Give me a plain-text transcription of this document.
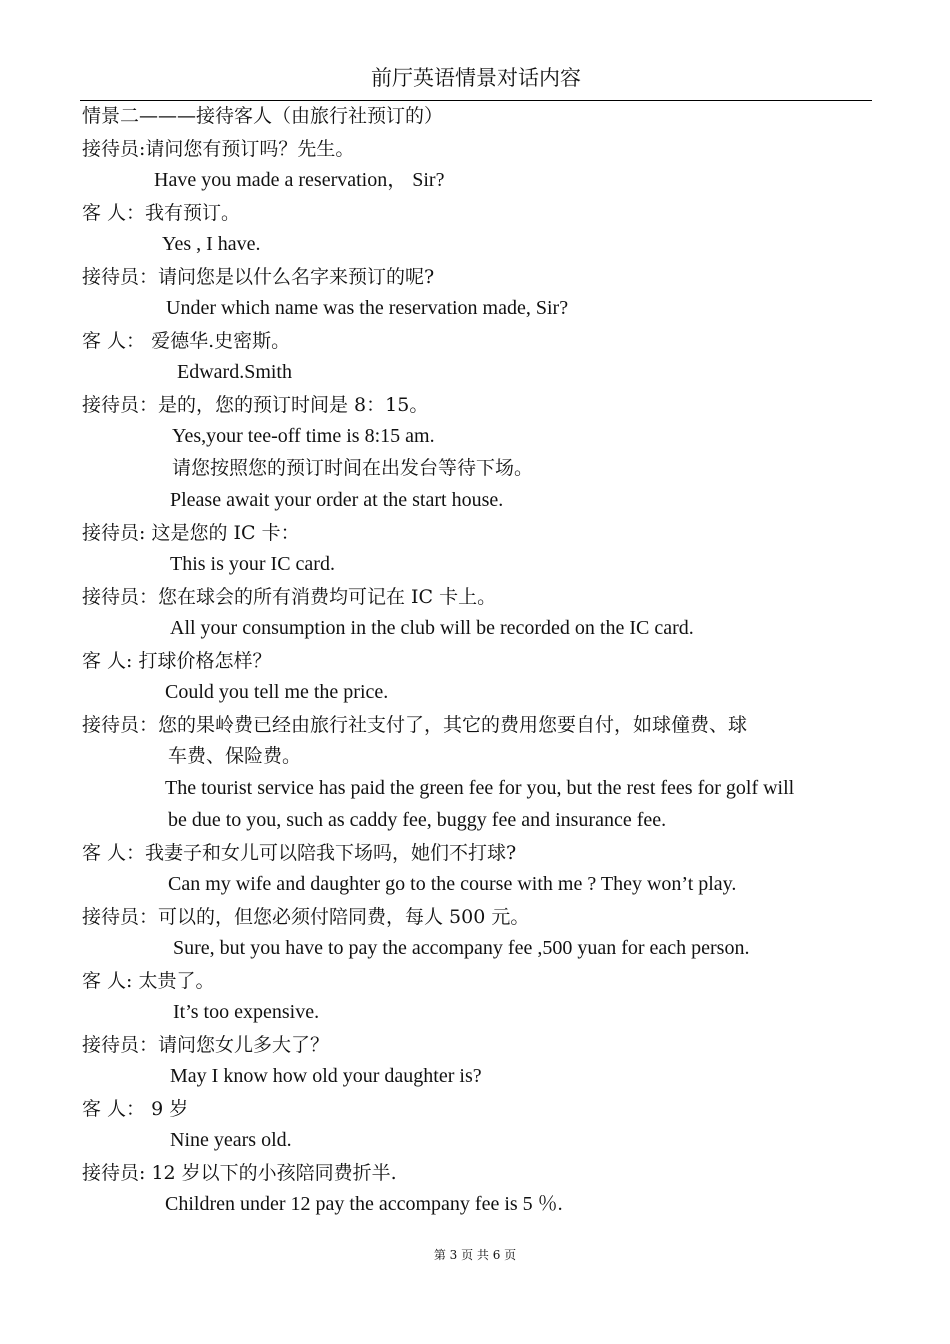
前厅英语情景对话内容
情景二———接待客人（由旅行社预订的）
接待员:请问您有预订吗？先生。
Have you made a reservation， Sir?
客 人：我有预订。
Yes , I have.
接待员：请问您是以什么名字来预订的呢?
Under which name was the reservation made, Sir?
客 人： 爱德华.史密斯。
Edward.Smith
接待员：是的，您的预订时间是 8：15。
Yes,your tee-off time is 8:15 am.
请您按照您的预订时间在出发台等待下场。
Please await your order at the start house.
接待员: 这是您的 IC 卡：
This is your IC card.
接待员：您在球会的所有消费均可记在 IC 卡上。
All your consumption in the club will be recorded on the IC card.
客 人: 打球价格怎样？
Could you tell me the price.
接待员：您的果岭费已经由旅行社支付了，其它的费用您要自付，如球僮费、球
车费、保险费。
The tourist service has paid the green fee for you, but the rest fees for golf will
be due to you, such as caddy fee, buggy fee and insurance fee.
客 人：我妻子和女儿可以陪我下场吗，她们不打球?
Can my wife and daughter go to the course with me ? They won’t play.
接待员：可以的，但您必须付陪同费，每人 500 元。
Sure, but you have to pay the accompany fee ,500 yuan for each person.
客 人: 太贵了。
It’s too expensive.
接待员：请问您女儿多大了？
May I know how old your daughter is?
客 人： 9 岁
Nine years old.
接待员: 12 岁以下的小孩陪同费折半.
Children under 12 pay the accompany fee is 5 ％.
第 3 页 共 6 页
